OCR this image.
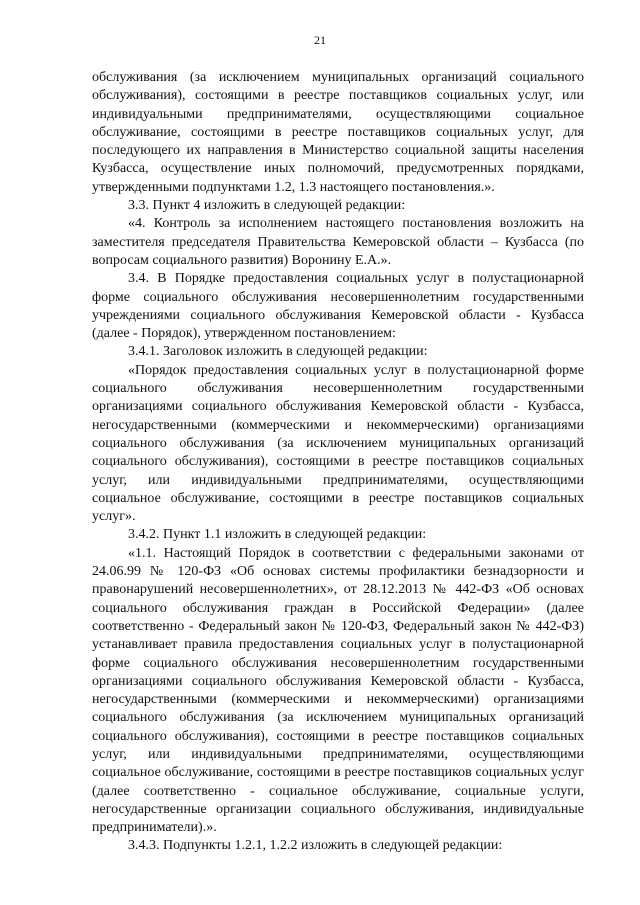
21

обслуживания (за исключением муниципальных организаций социального обслуживания), состоящими в реестре поставщиков социальных услуг, или индивидуальными предпринимателями, осуществляющими социальное обслуживание, состоящими в реестре поставщиков социальных услуг, для последующего их направления в Министерство социальной защиты населения Кузбасса, осуществление иных полномочий, предусмотренных порядками, утвержденными подпунктами 1.2, 1.3 настоящего постановления.».

3.3. Пункт 4 изложить в следующей редакции:

«4. Контроль за исполнением настоящего постановления возложить на заместителя председателя Правительства Кемеровской области – Кузбасса (по вопросам социального развития) Воронину Е.А.».

3.4. В Порядке предоставления социальных услуг в полустационарной форме социального обслуживания несовершеннолетним государственными учреждениями социального обслуживания Кемеровской области - Кузбасса (далее - Порядок), утвержденном постановлением:

3.4.1. Заголовок изложить в следующей редакции:

«Порядок предоставления социальных услуг в полустационарной форме социального обслуживания несовершеннолетним государственными организациями социального обслуживания Кемеровской области - Кузбасса, негосударственными (коммерческими и некоммерческими) организациями социального обслуживания (за исключением муниципальных организаций социального обслуживания), состоящими в реестре поставщиков социальных услуг, или индивидуальными предпринимателями, осуществляющими социальное обслуживание, состоящими в реестре поставщиков социальных услуг».

3.4.2. Пункт 1.1 изложить в следующей редакции:

«1.1. Настоящий Порядок в соответствии с федеральными законами от 24.06.99 № 120-ФЗ «Об основах системы профилактики безнадзорности и правонарушений несовершеннолетних», от 28.12.2013 № 442-ФЗ «Об основах социального обслуживания граждан в Российской Федерации» (далее соответственно - Федеральный закон № 120-ФЗ, Федеральный закон № 442-ФЗ) устанавливает правила предоставления социальных услуг в полустационарной форме социального обслуживания несовершеннолетним государственными организациями социального обслуживания Кемеровской области - Кузбасса, негосударственными (коммерческими и некоммерческими) организациями социального обслуживания (за исключением муниципальных организаций социального обслуживания), состоящими в реестре поставщиков социальных услуг, или индивидуальными предпринимателями, осуществляющими социальное обслуживание, состоящими в реестре поставщиков социальных услуг (далее соответственно - социальное обслуживание, социальные услуги, негосударственные организации социального обслуживания, индивидуальные предприниматели).».

3.4.3. Подпункты 1.2.1, 1.2.2 изложить в следующей редакции:
